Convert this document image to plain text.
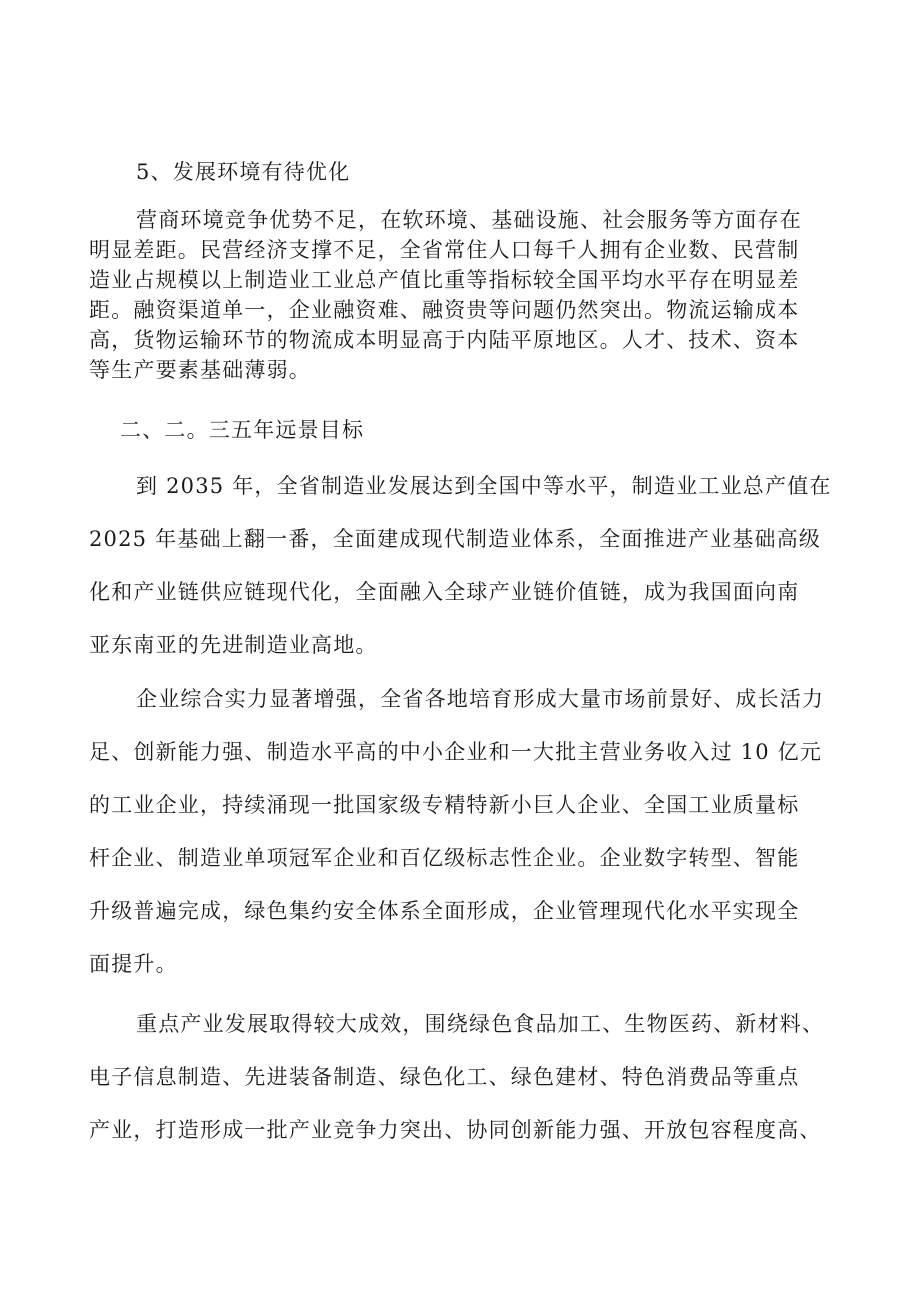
5、发展环境有待优化
营商环境竞争优势不足，在软环境、基础设施、社会服务等方面存在
明显差距。民营经济支撑不足，全省常住人口每千人拥有企业数、民营制
造业占规模以上制造业工业总产值比重等指标较全国平均水平存在明显差
距。融资渠道单一，企业融资难、融资贵等问题仍然突出。物流运输成本
高，货物运输环节的物流成本明显高于内陆平原地区。人才、技术、资本
等生产要素基础薄弱。
二、二。三五年远景目标
到 2035 年，全省制造业发展达到全国中等水平，制造业工业总产值在
2025 年基础上翻一番，全面建成现代制造业体系，全面推进产业基础高级
化和产业链供应链现代化，全面融入全球产业链价值链，成为我国面向南
亚东南亚的先进制造业高地。
企业综合实力显著增强，全省各地培育形成大量市场前景好、成长活力
足、创新能力强、制造水平高的中小企业和一大批主营业务收入过 10 亿元
的工业企业，持续涌现一批国家级专精特新小巨人企业、全国工业质量标
杆企业、制造业单项冠军企业和百亿级标志性企业。企业数字转型、智能
升级普遍完成，绿色集约安全体系全面形成，企业管理现代化水平实现全
面提升。
重点产业发展取得较大成效，围绕绿色食品加工、生物医药、新材料、
电子信息制造、先进装备制造、绿色化工、绿色建材、特色消费品等重点
产业，打造形成一批产业竞争力突出、协同创新能力强、开放包容程度高、
